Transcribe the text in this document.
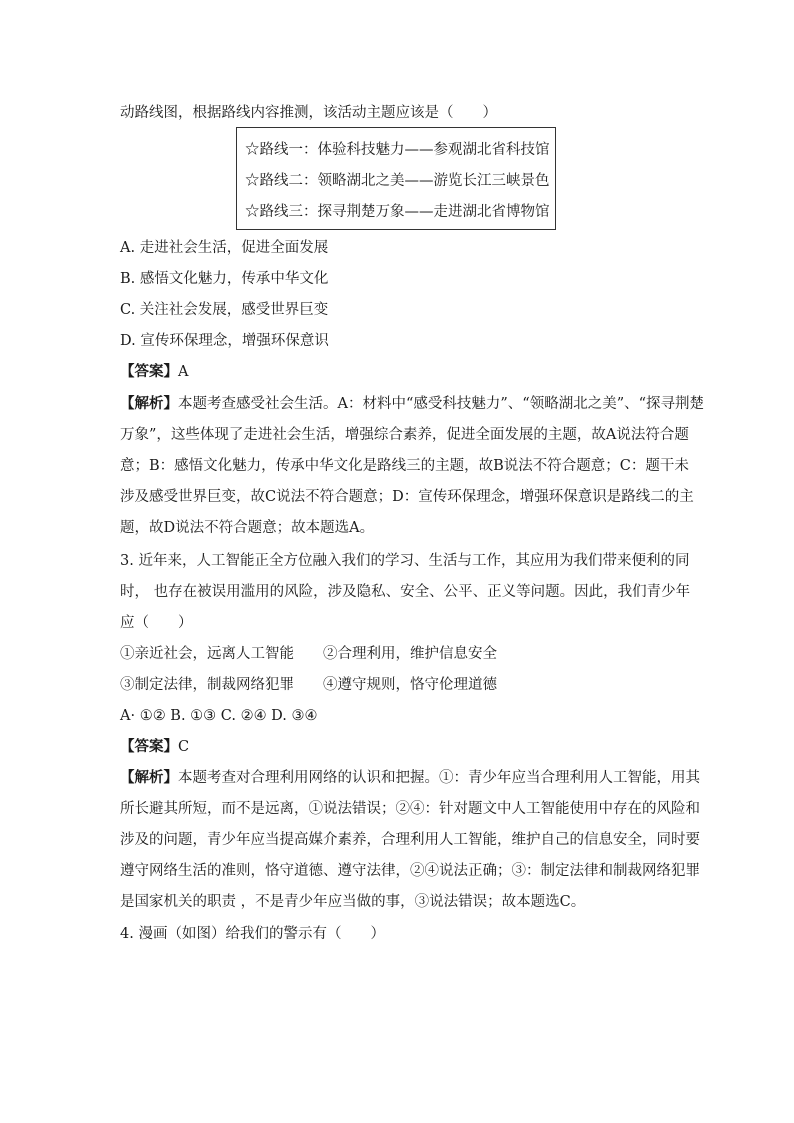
动路线图，根据路线内容推测，该活动主题应该是（　　）
☆路线一：体验科技魅力——参观湖北省科技馆
☆路线二：领略湖北之美——游览长江三峡景色
☆路线三：探寻荆楚万象——走进湖北省博物馆
A. 走进社会生活，促进全面发展
B. 感悟文化魅力，传承中华文化
C. 关注社会发展，感受世界巨变
D. 宣传环保理念，增强环保意识
【答案】A
【解析】本题考查感受社会生活。A：材料中“感受科技魅力”、“领略湖北之美”、“探寻荆楚
万象”，这些体现了走进社会生活，增强综合素养，促进全面发展的主题，故A说法符合题
意；B：感悟文化魅力，传承中华文化是路线三的主题，故B说法不符合题意；C：题干未
涉及感受世界巨变，故C说法不符合题意；D：宣传环保理念，增强环保意识是路线二的主
题，故D说法不符合题意；故本题选A。
3. 近年来，人工智能正全方位融入我们的学习、生活与工作，其应用为我们带来便利的同
时， 也存在被误用滥用的风险，涉及隐私、安全、公平、正义等问题。因此，我们青少年
应（　　）
①亲近社会，远离人工智能　　②合理利用，维护信息安全
③制定法律，制裁网络犯罪　　④遵守规则，恪守伦理道德
A· ①② B. ①③ C. ②④ D. ③④
【答案】C
【解析】本题考查对合理利用网络的认识和把握。①：青少年应当合理利用人工智能，用其
所长避其所短，而不是远离，①说法错误；②④：针对题文中人工智能使用中存在的风险和
涉及的问题，青少年应当提高媒介素养，合理利用人工智能，维护自己的信息安全，同时要
遵守网络生活的准则，恪守道德、遵守法律，②④说法正确；③：制定法律和制裁网络犯罪
是国家机关的职责 ，不是青少年应当做的事，③说法错误；故本题选C。
4. 漫画（如图）给我们的警示有（　　）
